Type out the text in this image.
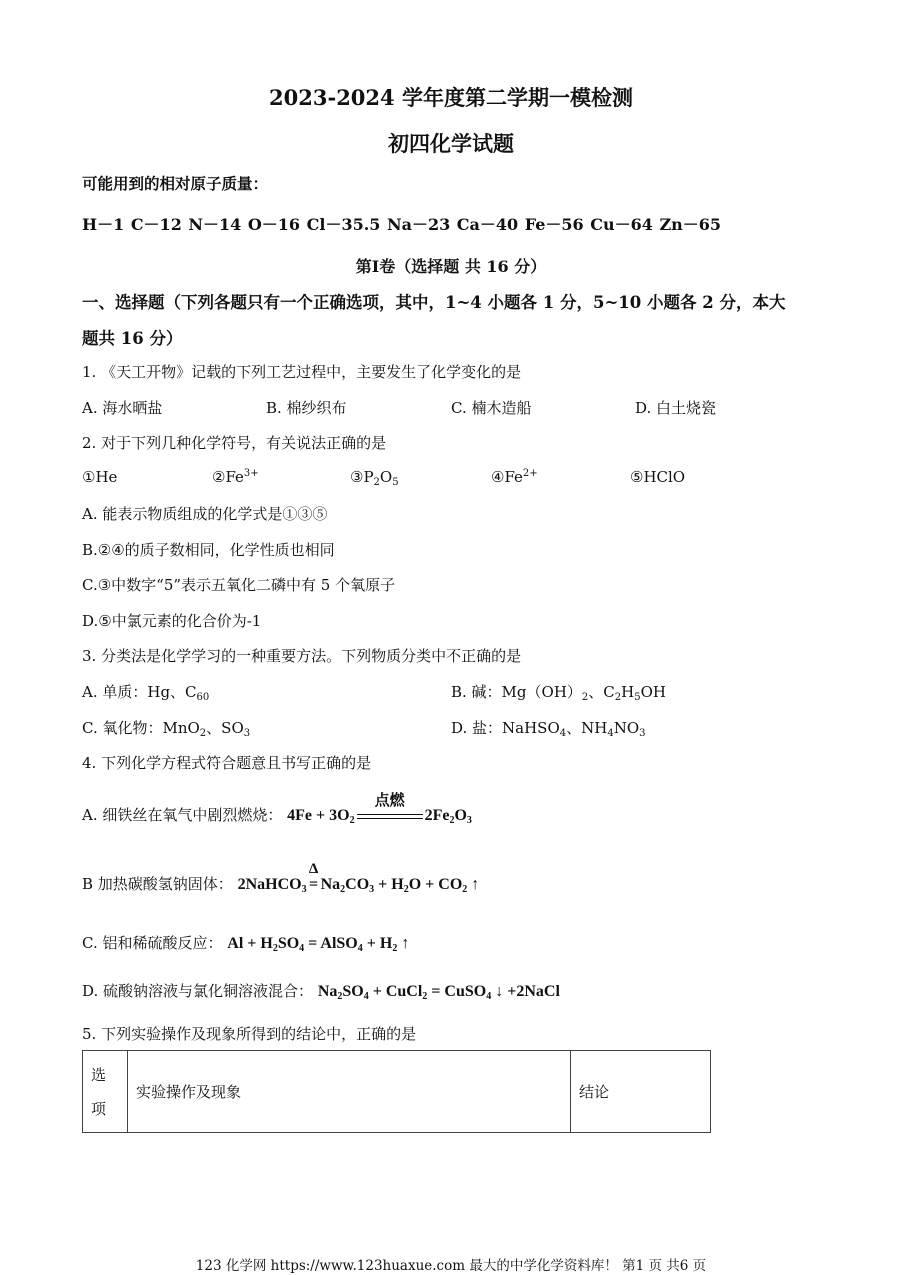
2023-2024 学年度第二学期一模检测
初四化学试题
可能用到的相对原子质量：
H－1 C－12 N－14 O－16 Cl－35.5 Na－23 Ca－40 Fe－56 Cu－64 Zn－65
第Ⅰ卷（选择题 共 16 分）
一、选择题（下列各题只有一个正确选项，其中，1~4 小题各 1 分，5~10 小题各 2 分，本大
题共 16 分）
1. 《天工开物》记载的下列工艺过程中，主要发生了化学变化的是
A. 海水晒盐	B. 棉纱织布	C. 楠木造船	D. 白土烧瓷
2. 对于下列几种化学符号，有关说法正确的是
①He	$②Fe^{3+}$	$③P_2O_5$	$④Fe^{2+}$	⑤HClO
A. 能表示物质组成的化学式是①③⑤
B.②④的质子数相同，化学性质也相同
C.③中数字“5”表示五氧化二磷中有 5 个氧原子
D.⑤中氯元素的化合价为-1
3. 分类法是化学学习的一种重要方法。下列物质分类中不正确的是
A. 单质：Hg、$C_{60}$	B. 碱：$Mg(OH)_2$、$C_2H_5OH$
C. 氧化物：MnO$_2$、$SO_3$	D. 盐：NaHSO$_4$、$NH_4NO_3$
4. 下列化学方程式符合题意且书写正确的是
A. 细铁丝在氧气中剧烈燃烧： $4Fe + 3O_2$
点燃
$2Fe_2O_3$
B 加热碳酸氢钠固体： 2NaHCO$_3$
Δ
= $Na_2CO_3 + H_2O + CO_2$ ↑
C. 铝和稀硫酸反应： $Al + H_2SO_4$ = AlSO$_4$ + $H_2$ ↑
D. 硫酸钠溶液与氯化铜溶液混合： $Na_2SO_4$ + CuCl$_2$ = CuSO$_4$ ↓ +2NaCl
5. 下列实验操作及现象所得到的结论中，正确的是
选
项
	实验操作及现象	结论
123 化学网 https://www.123huaxue.com 最大的中学化学资料库！ 第1 页 共6 页
